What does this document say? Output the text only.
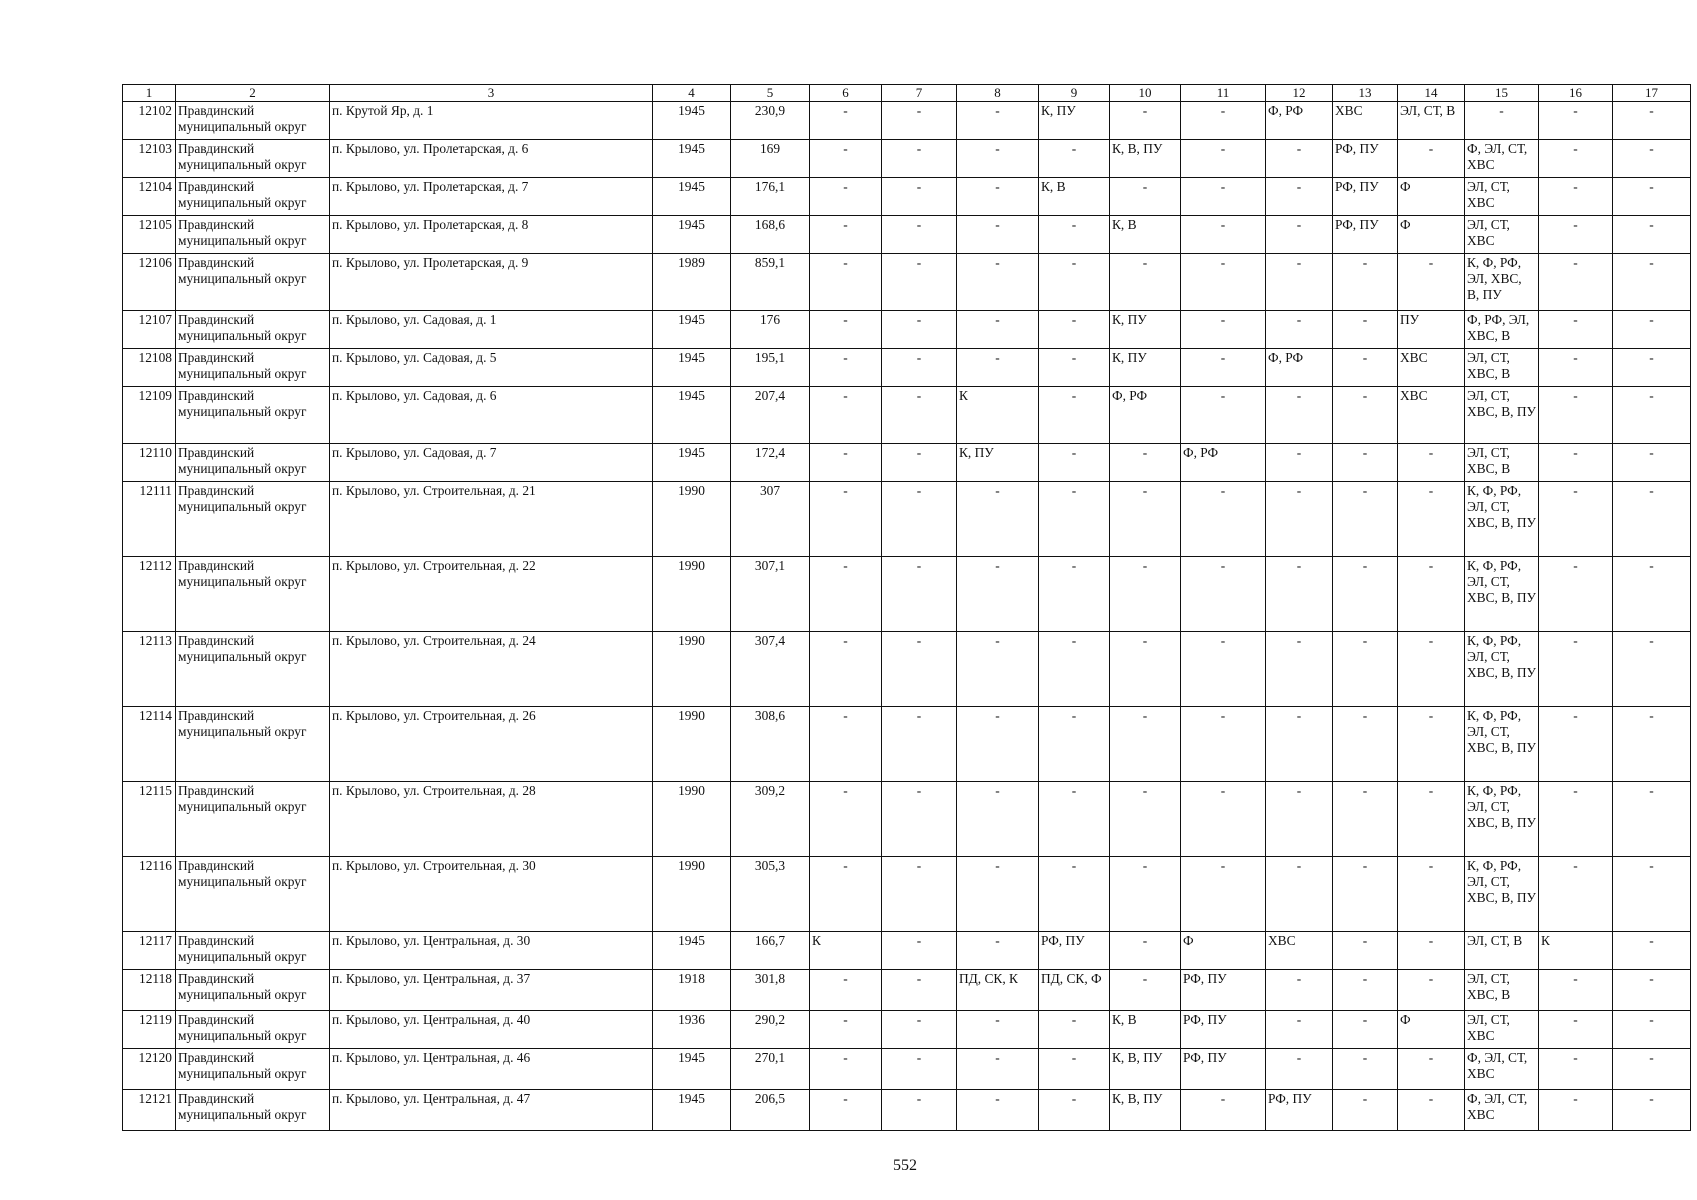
1	2	3	4	5	6	7	8	9	10	11	12	13	14	15	16	17
12102	Правдинский муниципальный округ	п. Крутой Яр, д. 1	1945	230,9	-	-	-	К, ПУ	-	-	Ф, РФ	ХВС	ЭЛ, СТ, В	-	-	-
12103	Правдинский муниципальный округ	п. Крылово, ул. Пролетарская, д. 6	1945	169	-	-	-	-	К, В, ПУ	-	-	РФ, ПУ	-	Ф, ЭЛ, СТ, ХВС	-	-
12104	Правдинский муниципальный округ	п. Крылово, ул. Пролетарская, д. 7	1945	176,1	-	-	-	К, В	-	-	-	РФ, ПУ	Ф	ЭЛ, СТ, ХВС	-	-
12105	Правдинский муниципальный округ	п. Крылово, ул. Пролетарская, д. 8	1945	168,6	-	-	-	-	К, В	-	-	РФ, ПУ	Ф	ЭЛ, СТ, ХВС	-	-
12106	Правдинский муниципальный округ	п. Крылово, ул. Пролетарская, д. 9	1989	859,1	-	-	-	-	-	-	-	-	-	К, Ф, РФ, ЭЛ, ХВС, В, ПУ	-	-
12107	Правдинский муниципальный округ	п. Крылово, ул. Садовая, д. 1	1945	176	-	-	-	-	К, ПУ	-	-	-	ПУ	Ф, РФ, ЭЛ, ХВС, В	-	-
12108	Правдинский муниципальный округ	п. Крылово, ул. Садовая, д. 5	1945	195,1	-	-	-	-	К, ПУ	-	Ф, РФ	-	ХВС	ЭЛ, СТ, ХВС, В	-	-
12109	Правдинский муниципальный округ	п. Крылово, ул. Садовая, д. 6	1945	207,4	-	-	К	-	Ф, РФ	-	-	-	ХВС	ЭЛ, СТ, ХВС, В, ПУ	-	-
12110	Правдинский муниципальный округ	п. Крылово, ул. Садовая, д. 7	1945	172,4	-	-	К, ПУ	-	-	Ф, РФ	-	-	-	ЭЛ, СТ, ХВС, В	-	-
12111	Правдинский муниципальный округ	п. Крылово, ул. Строительная, д. 21	1990	307	-	-	-	-	-	-	-	-	-	К, Ф, РФ, ЭЛ, СТ, ХВС, В, ПУ	-	-
12112	Правдинский муниципальный округ	п. Крылово, ул. Строительная, д. 22	1990	307,1	-	-	-	-	-	-	-	-	-	К, Ф, РФ, ЭЛ, СТ, ХВС, В, ПУ	-	-
12113	Правдинский муниципальный округ	п. Крылово, ул. Строительная, д. 24	1990	307,4	-	-	-	-	-	-	-	-	-	К, Ф, РФ, ЭЛ, СТ, ХВС, В, ПУ	-	-
12114	Правдинский муниципальный округ	п. Крылово, ул. Строительная, д. 26	1990	308,6	-	-	-	-	-	-	-	-	-	К, Ф, РФ, ЭЛ, СТ, ХВС, В, ПУ	-	-
12115	Правдинский муниципальный округ	п. Крылово, ул. Строительная, д. 28	1990	309,2	-	-	-	-	-	-	-	-	-	К, Ф, РФ, ЭЛ, СТ, ХВС, В, ПУ	-	-
12116	Правдинский муниципальный округ	п. Крылово, ул. Строительная, д. 30	1990	305,3	-	-	-	-	-	-	-	-	-	К, Ф, РФ, ЭЛ, СТ, ХВС, В, ПУ	-	-
12117	Правдинский муниципальный округ	п. Крылово, ул. Центральная, д. 30	1945	166,7	К	-	-	РФ, ПУ	-	Ф	ХВС	-	-	ЭЛ, СТ, В	К	-
12118	Правдинский муниципальный округ	п. Крылово, ул. Центральная, д. 37	1918	301,8	-	-	ПД, СК, К	ПД, СК, Ф	-	РФ, ПУ	-	-	-	ЭЛ, СТ, ХВС, В	-	-
12119	Правдинский муниципальный округ	п. Крылово, ул. Центральная, д. 40	1936	290,2	-	-	-	-	К, В	РФ, ПУ	-	-	Ф	ЭЛ, СТ, ХВС	-	-
12120	Правдинский муниципальный округ	п. Крылово, ул. Центральная, д. 46	1945	270,1	-	-	-	-	К, В, ПУ	РФ, ПУ	-	-	-	Ф, ЭЛ, СТ, ХВС	-	-
12121	Правдинский муниципальный округ	п. Крылово, ул. Центральная, д. 47	1945	206,5	-	-	-	-	К, В, ПУ	-	РФ, ПУ	-	-	Ф, ЭЛ, СТ, ХВС	-	-
552
